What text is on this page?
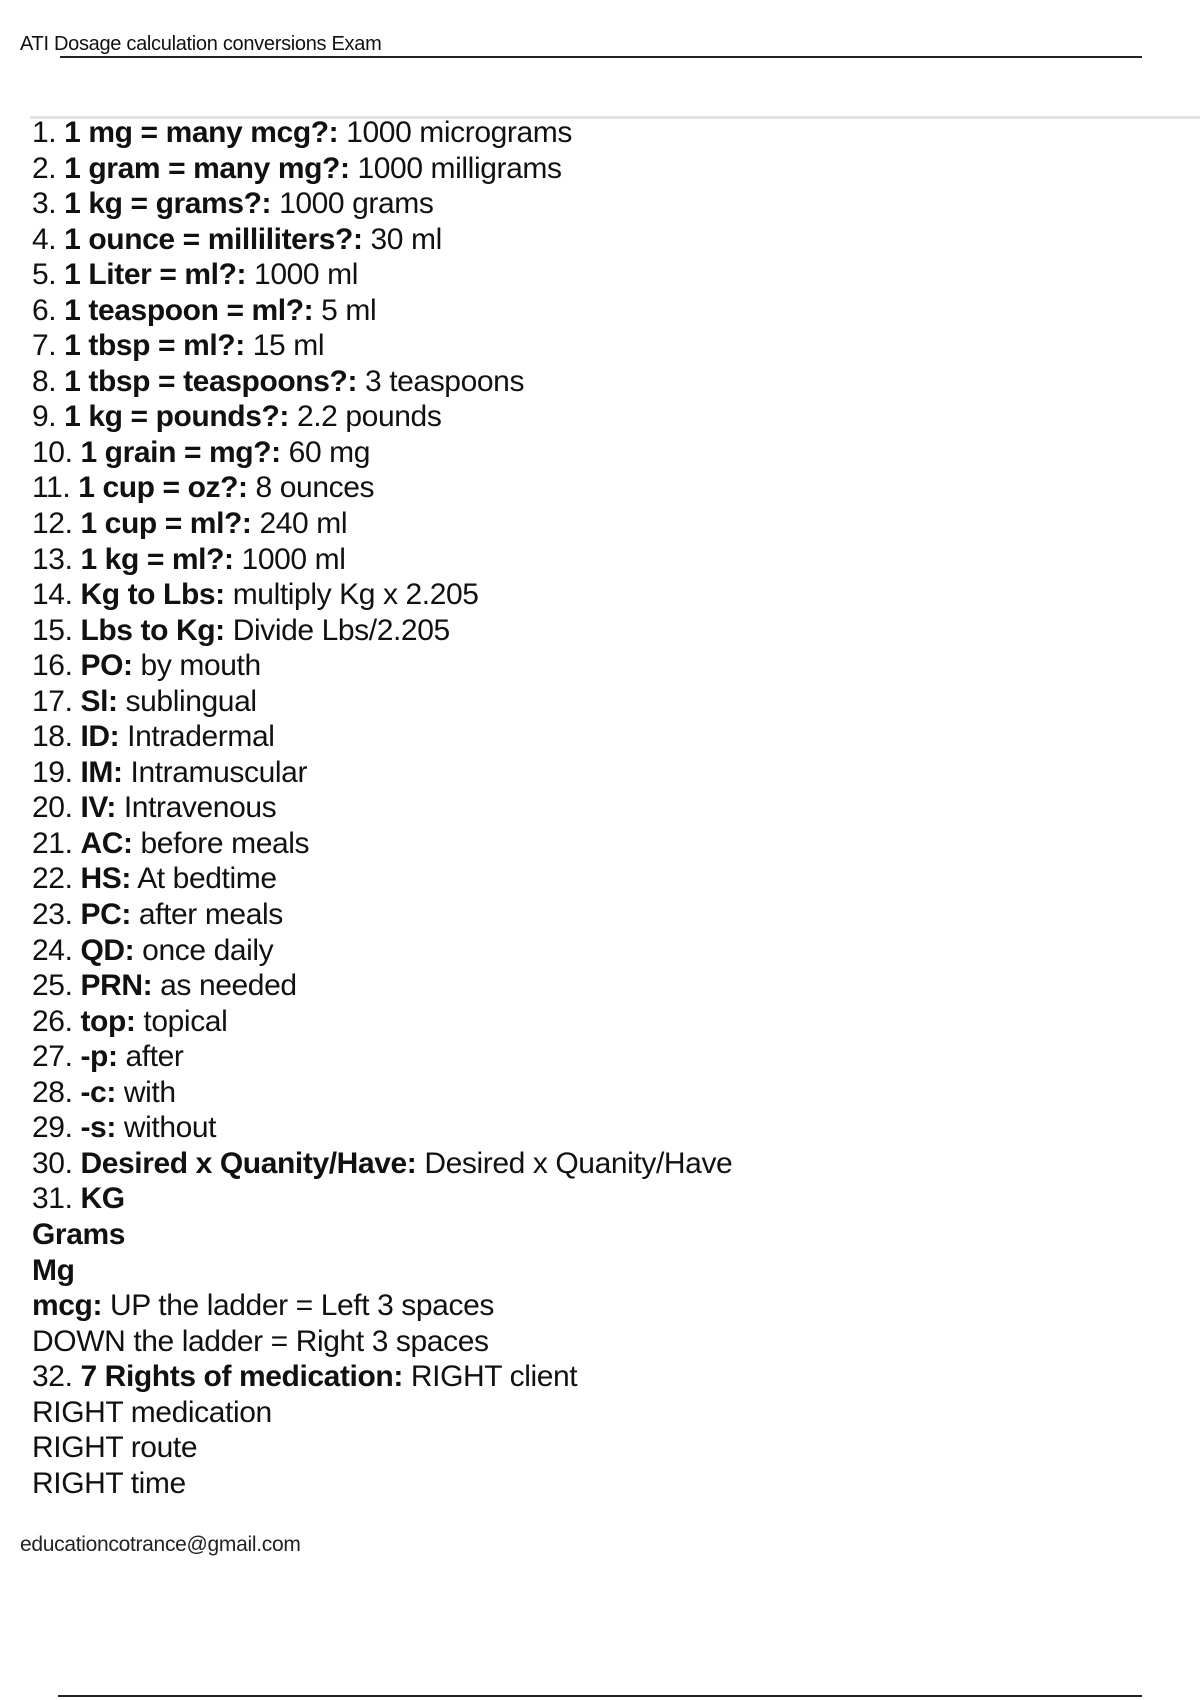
ATI Dosage calculation conversions Exam
1. 1 mg = many mcg?: 1000 micrograms
2. 1 gram = many mg?: 1000 milligrams
3. 1 kg = grams?: 1000 grams
4. 1 ounce = milliliters?: 30 ml
5. 1 Liter = ml?: 1000 ml
6. 1 teaspoon = ml?: 5 ml
7. 1 tbsp = ml?: 15 ml
8. 1 tbsp = teaspoons?: 3 teaspoons
9. 1 kg = pounds?: 2.2 pounds
10. 1 grain = mg?: 60 mg
11. 1 cup = oz?: 8 ounces
12. 1 cup = ml?: 240 ml
13. 1 kg = ml?: 1000 ml
14. Kg to Lbs: multiply Kg x 2.205
15. Lbs to Kg: Divide Lbs/2.205
16. PO: by mouth
17. Sl: sublingual
18. ID: Intradermal
19. IM: Intramuscular
20. IV: Intravenous
21. AC: before meals
22. HS: At bedtime
23. PC: after meals
24. QD: once daily
25. PRN: as needed
26. top: topical
27. -p: after
28. -c: with
29. -s: without
30. Desired x Quanity/Have: Desired x Quanity/Have
31. KG
Grams
Mg
mcg: UP the ladder = Left 3 spaces
DOWN the ladder = Right 3 spaces
32. 7 Rights of medication: RIGHT client
RIGHT medication
RIGHT route
RIGHT time
educationcotrance@gmail.com
